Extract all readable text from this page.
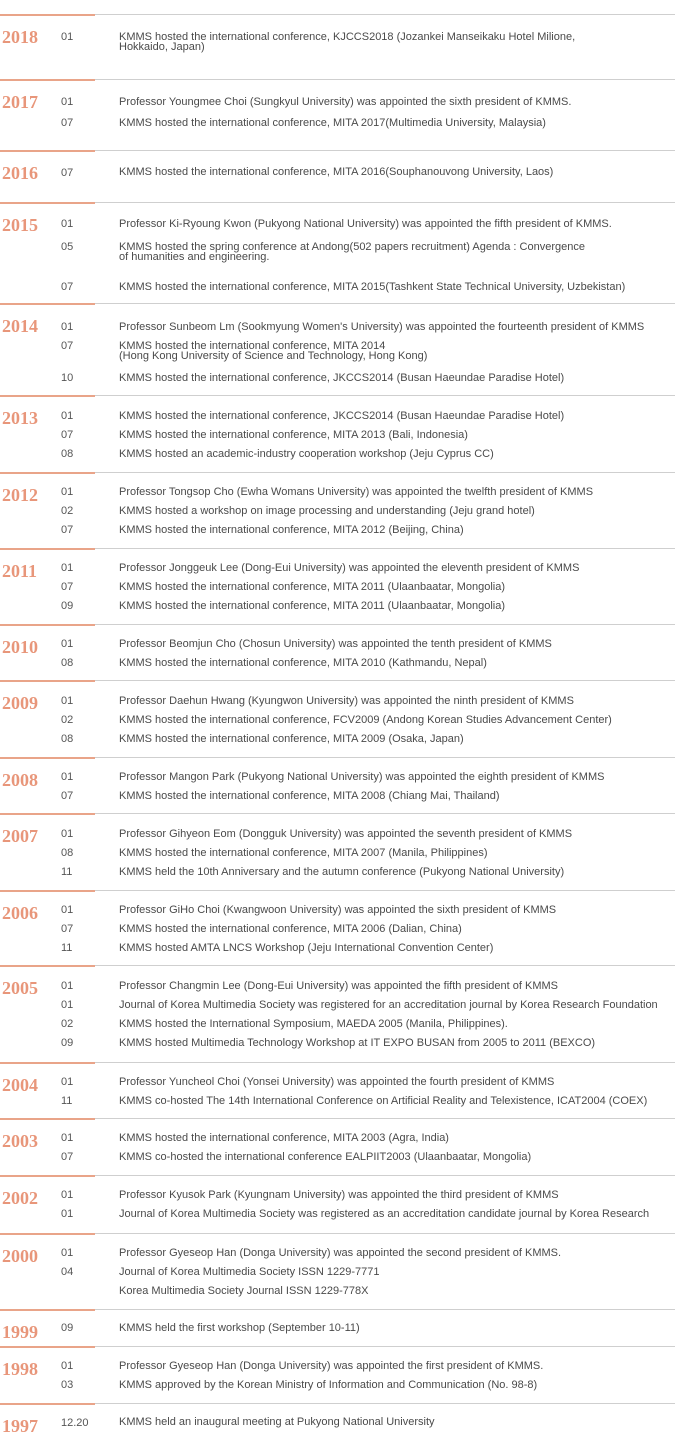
2018 01	KMMS hosted the international conference, KJCCS2018 (Jozankei Manseikaku Hotel Milione,
Hokkaido, Japan)
2017 01	Professor Youngmee Choi (Sungkyul University) was appointed the sixth president of KMMS.
07	KMMS hosted the international conference, MITA 2017(Multimedia University, Malaysia)
2016 07	KMMS hosted the international conference, MITA 2016(Souphanouvong University, Laos)
2015 01	Professor Ki-Ryoung Kwon (Pukyong National University) was appointed the fifth president of KMMS.
05	KMMS hosted the spring conference at Andong(502 papers recruitment) Agenda : Convergence
of humanities and engineering.
07	KMMS hosted the international conference, MITA 2015(Tashkent State Technical University, Uzbekistan)
2014 01	Professor Sunbeom Lm (Sookmyung Women's University) was appointed the fourteenth president of KMMS
07	KMMS hosted the international conference, MITA 2014
(Hong Kong University of Science and Technology, Hong Kong)
10	KMMS hosted the international conference, JKCCS2014 (Busan Haeundae Paradise Hotel)
2013 01	KMMS hosted the international conference, JKCCS2014 (Busan Haeundae Paradise Hotel)
07	KMMS hosted the international conference, MITA 2013 (Bali, Indonesia)
08	KMMS hosted an academic-industry cooperation workshop (Jeju Cyprus CC)
2012 01	Professor Tongsop Cho (Ewha Womans University) was appointed the twelfth president of KMMS
02	KMMS hosted a workshop on image processing and understanding (Jeju grand hotel)
07	KMMS hosted the international conference, MITA 2012 (Beijing, China)
2011 01	Professor Jonggeuk Lee (Dong-Eui University) was appointed the eleventh president of KMMS
07	KMMS hosted the international conference, MITA 2011 (Ulaanbaatar, Mongolia)
09	KMMS hosted the international conference, MITA 2011 (Ulaanbaatar, Mongolia)
2010 01	Professor Beomjun Cho (Chosun University) was appointed the tenth president of KMMS
08	KMMS hosted the international conference, MITA 2010 (Kathmandu, Nepal)
2009 01	Professor Daehun Hwang (Kyungwon University) was appointed the ninth president of KMMS
02	KMMS hosted the international conference, FCV2009 (Andong Korean Studies Advancement Center)
08	KMMS hosted the international conference, MITA 2009 (Osaka, Japan)
2008 01	Professor Mangon Park (Pukyong National University) was appointed the eighth president of KMMS
07	KMMS hosted the international conference, MITA 2008 (Chiang Mai, Thailand)
2007 01	Professor Gihyeon Eom (Dongguk University) was appointed the seventh president of KMMS
08	KMMS hosted the international conference, MITA 2007 (Manila, Philippines)
11	KMMS held the 10th Anniversary and the autumn conference (Pukyong National University)
2006 01	Professor GiHo Choi (Kwangwoon University) was appointed the sixth president of KMMS
07	KMMS hosted the international conference, MITA 2006 (Dalian, China)
11	KMMS hosted AMTA LNCS Workshop (Jeju International Convention Center)
2005 01	Professor Changmin Lee (Dong-Eui University) was appointed the fifth president of KMMS
01	Journal of Korea Multimedia Society was registered for an accreditation journal by Korea Research Foundation
02	KMMS hosted the International Symposium, MAEDA 2005 (Manila, Philippines).
09	KMMS hosted Multimedia Technology Workshop at IT EXPO BUSAN from 2005 to 2011 (BEXCO)
2004 01	Professor Yuncheol Choi (Yonsei University) was appointed the fourth president of KMMS
11	KMMS co-hosted The 14th International Conference on Artificial Reality and Telexistence, ICAT2004 (COEX)
2003 01	KMMS hosted the international conference, MITA 2003 (Agra, India)
07	KMMS co-hosted the international conference EALPIIT2003 (Ulaanbaatar, Mongolia)
2002 01	Professor Kyusok Park (Kyungnam University) was appointed the third president of KMMS
01	Journal of Korea Multimedia Society was registered as an accreditation candidate journal by Korea Research
2000 01	Professor Gyeseop Han (Donga University) was appointed the second president of KMMS.
04	Journal of Korea Multimedia Society ISSN 1229-7771
Korea Multimedia Society Journal ISSN 1229-778X
1999 09	KMMS held the first workshop (September 10-11)
1998 01	Professor Gyeseop Han (Donga University) was appointed the first president of KMMS.
03	KMMS approved by the Korean Ministry of Information and Communication (No. 98-8)
1997 12.20	KMMS held an inaugural meeting at Pukyong National University
